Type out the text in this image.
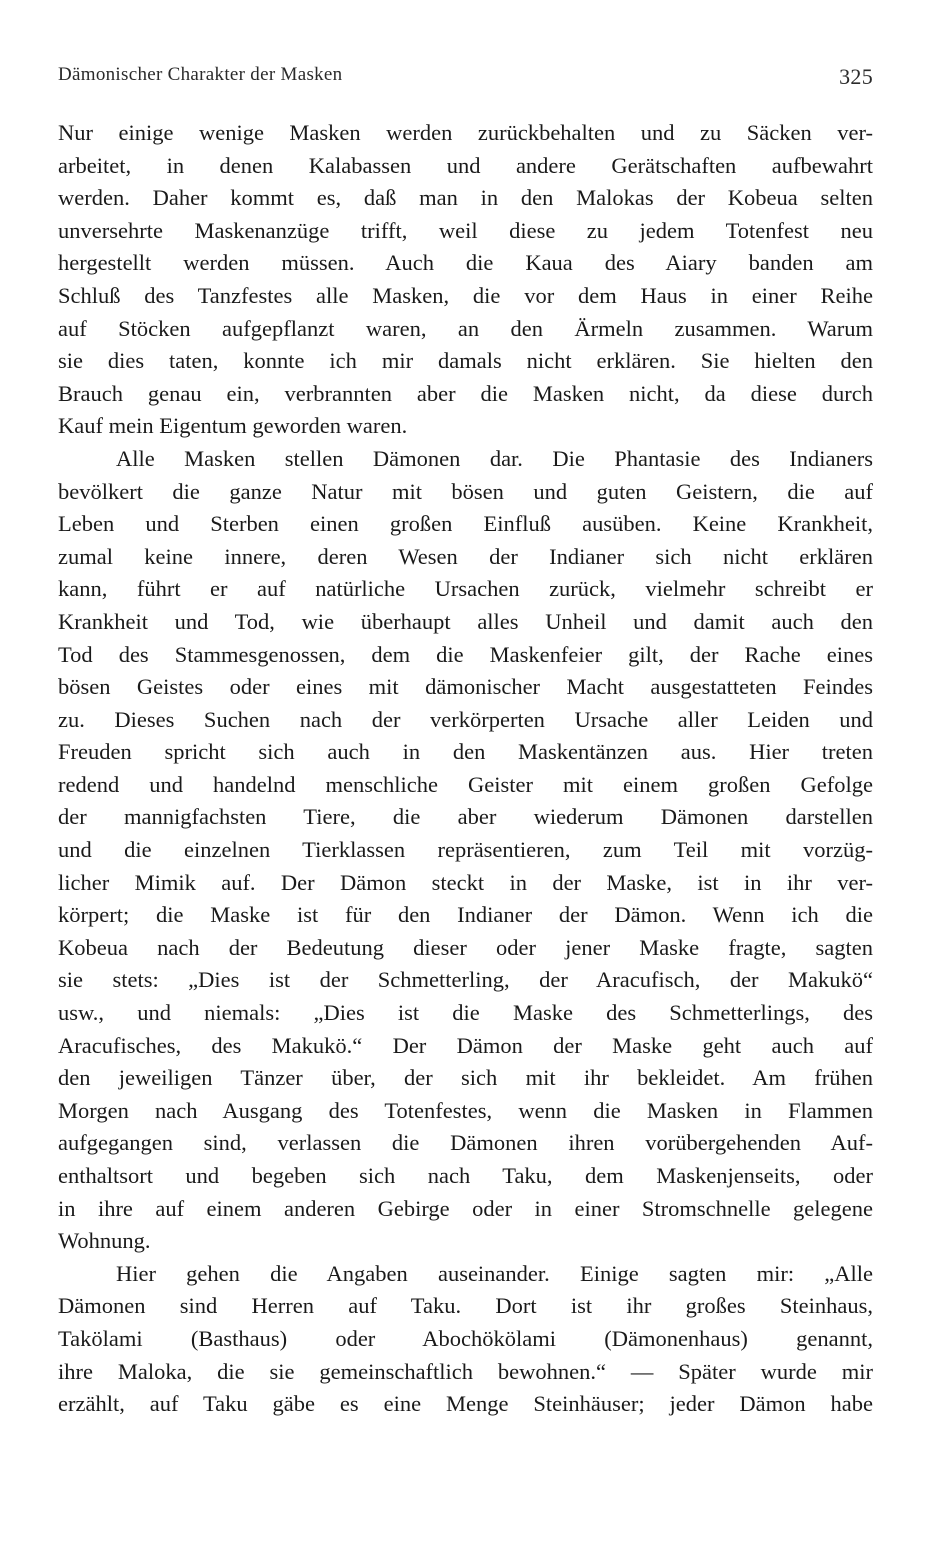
Dämonischer Charakter der Masken	325
Nur einige wenige Masken werden zurückbehalten und zu Säcken ver-
arbeitet, in denen Kalabassen und andere Gerätschaften aufbewahrt
werden. Daher kommt es, daß man in den Malokas der Kobeua selten
unversehrte Maskenanzüge trifft, weil diese zu jedem Totenfest neu
hergestellt werden müssen. Auch die Kaua des Aiary banden am
Schluß des Tanzfestes alle Masken, die vor dem Haus in einer Reihe
auf Stöcken aufgepflanzt waren, an den Ärmeln zusammen. Warum
sie dies taten, konnte ich mir damals nicht erklären. Sie hielten den
Brauch genau ein, verbrannten aber die Masken nicht, da diese durch
Kauf mein Eigentum geworden waren.
Alle Masken stellen Dämonen dar. Die Phantasie des Indianers
bevölkert die ganze Natur mit bösen und guten Geistern, die auf
Leben und Sterben einen großen Einfluß ausüben. Keine Krankheit,
zumal keine innere, deren Wesen der Indianer sich nicht erklären
kann, führt er auf natürliche Ursachen zurück, vielmehr schreibt er
Krankheit und Tod, wie überhaupt alles Unheil und damit auch den
Tod des Stammesgenossen, dem die Maskenfeier gilt, der Rache eines
bösen Geistes oder eines mit dämonischer Macht ausgestatteten Feindes
zu. Dieses Suchen nach der verkörperten Ursache aller Leiden und
Freuden spricht sich auch in den Maskentänzen aus. Hier treten
redend und handelnd menschliche Geister mit einem großen Gefolge
der mannigfachsten Tiere, die aber wiederum Dämonen darstellen
und die einzelnen Tierklassen repräsentieren, zum Teil mit vorzüg-
licher Mimik auf. Der Dämon steckt in der Maske, ist in ihr ver-
körpert; die Maske ist für den Indianer der Dämon. Wenn ich die
Kobeua nach der Bedeutung dieser oder jener Maske fragte, sagten
sie stets: „Dies ist der Schmetterling, der Aracufisch, der Makukö“
usw., und niemals: „Dies ist die Maske des Schmetterlings, des
Aracufisches, des Makukö.“ Der Dämon der Maske geht auch auf
den jeweiligen Tänzer über, der sich mit ihr bekleidet. Am frühen
Morgen nach Ausgang des Totenfestes, wenn die Masken in Flammen
aufgegangen sind, verlassen die Dämonen ihren vorübergehenden Auf-
enthaltsort und begeben sich nach Taku, dem Maskenjenseits, oder
in ihre auf einem anderen Gebirge oder in einer Stromschnelle gelegene
Wohnung.
Hier gehen die Angaben auseinander. Einige sagten mir: „Alle
Dämonen sind Herren auf Taku. Dort ist ihr großes Steinhaus,
Takölami (Basthaus) oder Abochökölami (Dämonenhaus) genannt,
ihre Maloka, die sie gemeinschaftlich bewohnen.“ — Später wurde mir
erzählt, auf Taku gäbe es eine Menge Steinhäuser; jeder Dämon habe
